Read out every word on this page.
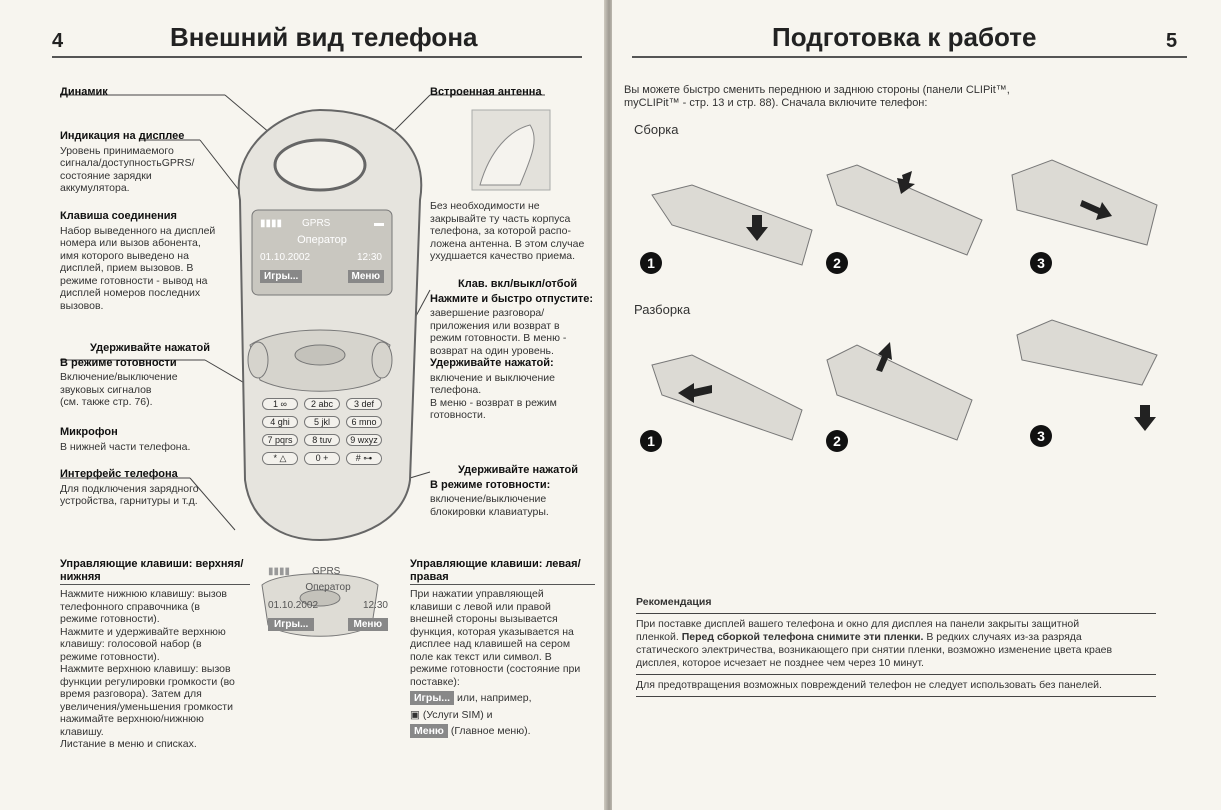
4	Внешний вид телефона
▮▮▮▮ GPRS	▬
Оператор
01.10.2002	12:30
Игры...	Меню
1 ∞	2 abc	3 def
4 ghi	5 jkl	6 mno
7 pqrs	8 tuv	9 wxyz
* △	0 +	# ⊶
▮▮▮▮ GPRS
Оператор
01.10.2002	12:30
Игры...	Меню
Динамик	Встроенная антенна
Индикация на дисплее
Уровень принимаемого
сигнала/доступностьGPRS/
состояние зарядки
аккумулятора.
Клавиша соединения
Набор выведенного на дисплей
номера или вызов абонента,
имя которого выведено на
дисплей, прием вызовов. В
режиме готовности - вывод на
дисплей номеров последних
вызовов.
Без необходимости не
закрывайте ту часть корпуса
телефона, за которой распо-
ложена антенна. В этом случае
ухудшается качество приема.
Клав. вкл/выкл/отбой
Нажмите и быстро отпустите:
завершение разговора/
приложения или возврат в
режим готовности. В меню -
возврат на один уровень.
Удерживайте нажатой:
включение и выключение
телефона.
В меню - возврат в режим
готовности.
Удерживайте нажатой
В режиме готовности
Включение/выключение
звуковых сигналов
(см. также стр. 76).
Микрофон
В нижней части телефона.
Интерфейс телефона
Для подключения зарядного
устройства, гарнитуры и т.д.
Удерживайте нажатой
В режиме готовности:
включение/выключение
блокировки клавиатуры.
Управляющие клавиши: верхняя/
нижняя
Нажмите нижнюю клавишу: вызов
телефонного справочника (в
режиме готовности).
Нажмите и удерживайте верхнюю
клавишу: голосовой набор (в
режиме готовности).
Нажмите верхнюю клавишу: вызов
функции регулировки громкости (во
время разговора). Затем для
увеличения/уменьшения громкости
нажимайте верхнюю/нижнюю
клавишу.
Листание в меню и списках.
Управляющие клавиши: левая/
правая
При нажатии управляющей
клавиши с левой или правой
внешней стороны вызывается
функция, которая указывается на
дисплее над клавишей на сером
поле как текст или символ. В
режиме готовности (состояние при
поставке):
Игры... или, например,
▣ (Услуги SIM) и
Меню (Главное меню).
Подготовка к работе	5
Вы можете быстро сменить переднюю и заднюю стороны (панели CLIPit™,
myCLIPit™ - стр. 13 и стр. 88). Сначала включите телефон:
Сборка
Разборка
1	2	3
1	2	3
Рекомендация
При поставке дисплей вашего телефона и окно для дисплея на панели закрыты защитной
пленкой. Перед сборкой телефона снимите эти пленки. В редких случаях из-за разряда
статического электричества, возникающего при снятии пленки, возможно изменение цвета краев
дисплея, которое исчезает не позднее чем через 10 минут.
Для предотвращения возможных повреждений телефон не следует использовать без панелей.
